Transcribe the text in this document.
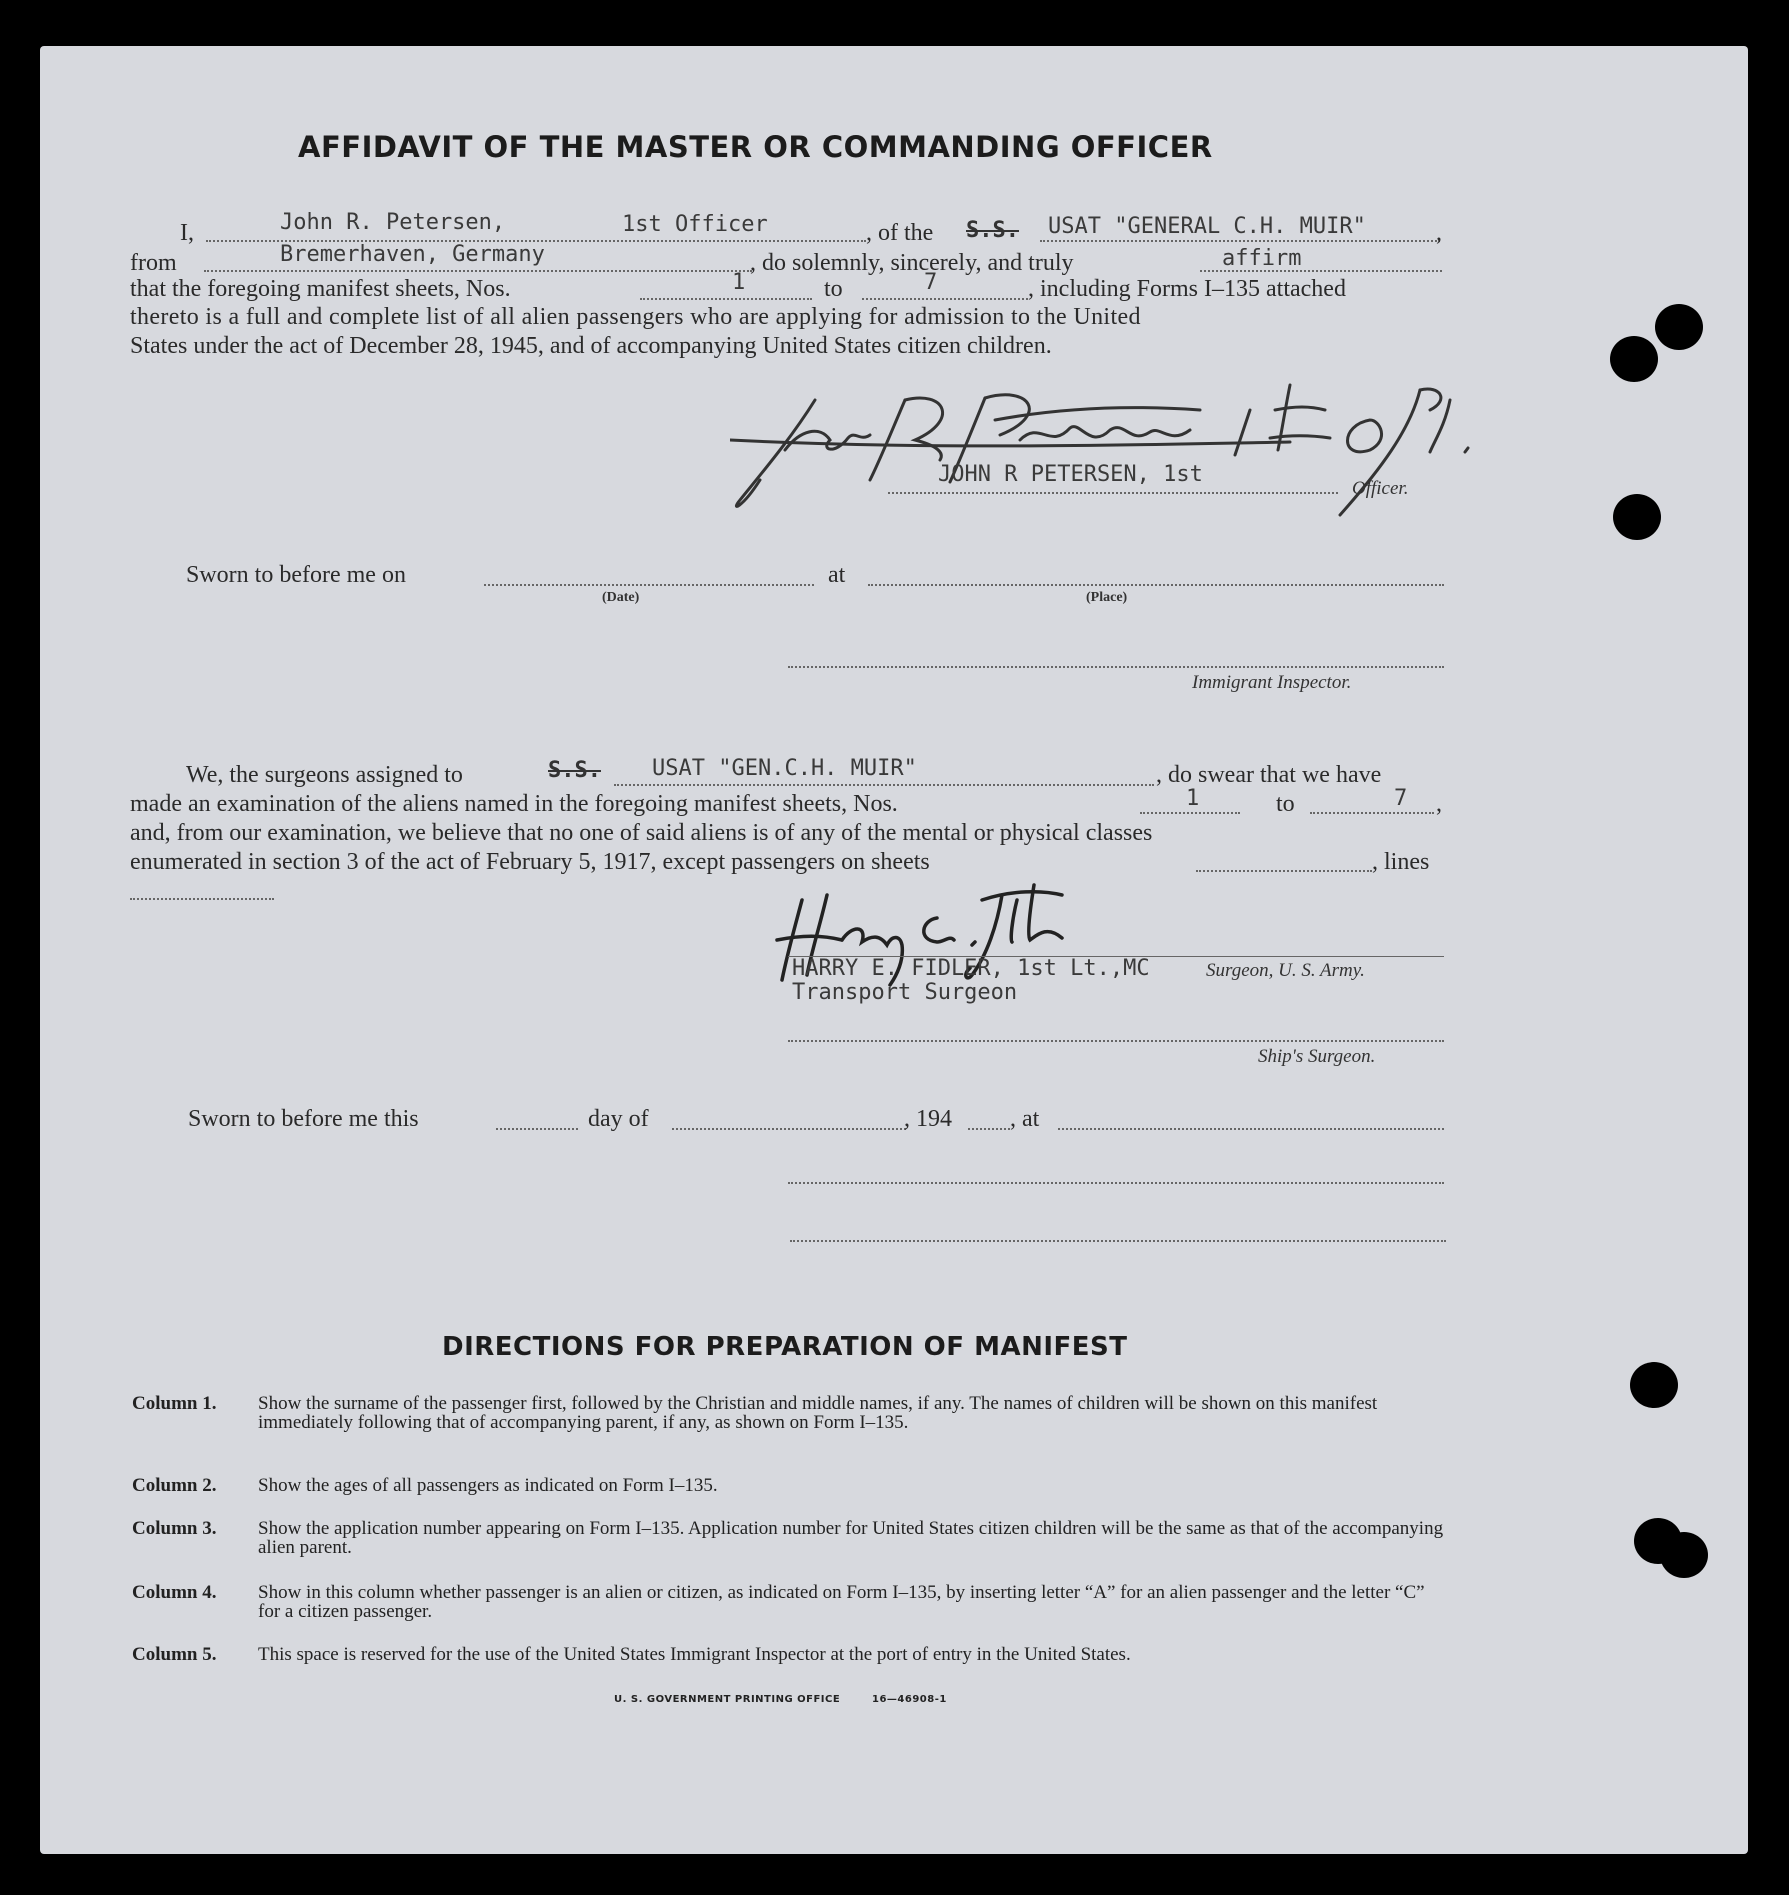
AFFIDAVIT OF THE MASTER OR COMMANDING OFFICER
I,	John R. Petersen,	1st Officer	, of the S.S. USAT "GENERAL C.H. MUIR"	,
from	Bremerhaven, Germany	, do solemnly, sincerely, and truly	affirm
that the foregoing manifest sheets, Nos.	1	to	7	, including Forms I–135 attached
thereto is a full and complete list of all alien passengers who are applying for admission to the United
States under the act of December 28, 1945, and of accompanying United States citizen children.
JOHN R PETERSEN, 1st
Officer.
Sworn to before me on
(Date)
at
(Place)
Immigrant Inspector.
We, the surgeons assigned to	S.S. USAT "GEN.C.H. MUIR"	, do swear that we have
made an examination of the aliens named in the foregoing manifest sheets, Nos.	1	to	7 ,
and, from our examination, we believe that no one of said aliens is of any of the mental or physical classes
enumerated in section 3 of the act of February 5, 1917, except passengers on sheets	, lines
HARRY E. FIDLER, 1st Lt.,MC
Transport Surgeon
Surgeon, U. S. Army.
Ship's Surgeon.
Sworn to before me this	day of	, 194 , at
DIRECTIONS FOR PREPARATION OF MANIFEST
Column 1. Show the surname of the passenger first, followed by the Christian and middle names, if any. The names of children will be shown on this manifest immediately following that of accompanying parent, if any, as shown on Form I–135.
Column 2. Show the ages of all passengers as indicated on Form I–135.
Column 3. Show the application number appearing on Form I–135. Application number for United States citizen children will be the same as that of the accompanying alien parent.
Column 4. Show in this column whether passenger is an alien or citizen, as indicated on Form I–135, by inserting letter “A” for an alien passenger and the letter “C” for a citizen passenger.
Column 5. This space is reserved for the use of the United States Immigrant Inspector at the port of entry in the United States.
U. S. GOVERNMENT PRINTING OFFICE	16—46908-1
